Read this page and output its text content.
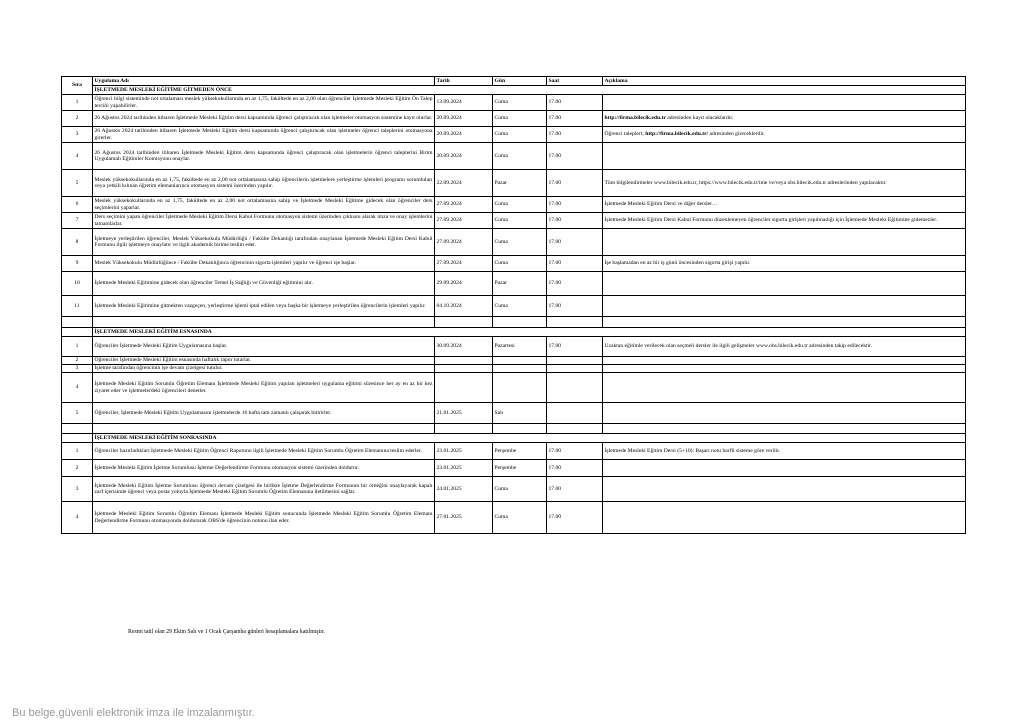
Sıra	Uygulama Adı	Tarih	Gün	Saat	Açıklama
	İŞLETMEDE MESLEKİ EĞİTİME GİTMEDEN ÖNCE				
1	Öğrenci bilgi sisteminde not ortalaması meslek yüksekokullarında en az 1,75, fakültede en az 2,00 olan öğrenciler İşletmede Mesleki Eğitim Ön Talep tercihi yapabilirler.	13.09.2024	Cuma	17.00	
2	26 Ağustos 2024 tarihinden itibaren İşletmede Mesleki Eğitim dersi kapsamında öğrenci çalıştıracak olan işletmeler otomasyon sistemine kayıt olurlar.	20.09.2024	Cuma	17.00	http://firma.bilecik.edu.tr adresinden kayıt olacaklardır.
3	26 Ağustos 2024 tarihinden itibaren İşletmede Mesleki Eğitim dersi kapsamında öğrenci çalıştıracak olan işletmeler öğrenci taleplerini otomasyona girerler.	20.09.2024	Cuma	17.00	Öğrenci talepleri; http://firma.bilecik.edu.tr/ adresinden gireceklerdir.
4	26 Ağustos 2024 tarihinden itibaren İşletmede Mesleki Eğitim dersi kapsamında öğrenci çalıştıracak olan işletmelerin öğrenci taleplerini Birim Uygulamalı Eğitimler Komisyonu onaylar.	20.09.2024	Cuma	17.00	
5	Meslek yüksekokullarında en az 1,75, fakültede en az 2,00 not ortalamasına sahip öğrencilerin işletmelere yerleştirme işlemleri programı sorumluları veya yetkili kılınan öğretim elemanlarınca otomasyon sistemi üzerinden yapılır.	22.09.2024	Pazar	17.00	Tüm bilgilendirmeler www.bilecik.edu.tr, https://www.bilecik.edu.tr/ime ve/veya obs.bilecik.edu.tr adreslerinden yapılacaktır.
6	Meslek yüksekokullarında en az 1,75, fakültede en az 2,00 not ortalamasına sahip ve İşletmede Mesleki Eğitime gidecek olan öğrenciler ders seçimlerini yaparlar.	27.09.2024	Cuma	17.00	İşletmede Mesleki Eğitim Dersi ve diğer dersler…
7	Ders seçimini yapan öğrenciler İşletmede Mesleki Eğitim Dersi Kabul Formunu otomasyon sistemi üzerinden çıktısını alarak imza ve onay işlemlerini tamamlarlar.	27.09.2024	Cuma	17.00	İşletmede Mesleki Eğitim Dersi Kabul Formunu düzenlemeyen öğrenciler sigorta girişleri yapılmadığı için İşletmede Mesleki Eğitimine gidemezler.
8	İşletmeye yerleştirilen öğrenciler, Meslek Yüksekokulu Müdürlüğü / Fakülte Dekanlığı tarafından onaylanan İşletmede Mesleki Eğitim Dersi Kabul Formunu ilgili işletmeye onaylatır ve ilgili akademik birime teslim eder.	27.09.2024	Cuma	17.00	
9	Meslek Yüksekokulu Müdürlüğünce / Fakülte Dekanlığınca öğrencinin sigorta işlemleri yapılır ve öğrenci işe başlar.	27.09.2024	Cuma	17.00	İşe başlamadan en az bir iş günü öncesinden sigorta girişi yapılır.
10	İşletmede Mesleki Eğitimine gidecek olan öğrenciler Temel İş Sağlığı ve Güvenliği eğitimini alır.	29.09.2024	Pazar	17.00	
11	İşletmede Mesleki Eğitimine gitmekten vazgeçen, yerleştirme işlemi iptal edilen veya başka bir işletmeye yerleştirilen öğrencilerin işlemleri yapılır.	04.10.2024	Cuma	17.00	

	İŞLETMEDE MESLEKİ EĞİTİM ESNASINDA				
1	Öğrenciler İşletmede Mesleki Eğitim Uygulamasına başlar.	30.09.2024	Pazartesi	17.00	Uzaktan eğitimle verilecek olan seçmeli dersler ile ilgili gelişmeler www.obs.bilecik.edu.tr adresinden takip edilecektir.
2	Öğrenciler İşletmede Mesleki Eğitim esnasında haftalık rapor tutarlar.				
3	İşletme tarafından öğrencinin işe devam çizelgesi tutulur.				
4	İşletmede Mesleki Eğitim Sorumlu Öğretim Elemanı İşletmede Mesleki Eğitim yapılan işletmeleri uygulama eğitimi süresince her ay en az bir kez ziyaret eder ve işletmelerdeki öğrencileri denetler.				
5	Öğrenciler, İşletmede Mesleki Eğitim Uygulamasını işletmelerde 16 hafta tam zamanlı çalışarak bitirirler.	21.01.2025	Salı		

	İŞLETMEDE MESLEKİ EĞİTİM SONRASINDA				
1	Öğrenciler hazırladıkları İşletmede Mesleki Eğitim Öğrenci Raporunu ilgili İşletmede Mesleki Eğitim Sorumlu Öğretim Elemanına teslim ederler.	23.01.2025	Perşembe	17.00	İşletmede Mesleki Eğitim Dersi (5+10): Başarı notu harfli sisteme göre verilir.
2	İşletmede Mesleki Eğitim İşletme Sorumlusu İşletme Değerlendirme Formunu otomasyon sistemi üzerinden doldurur.	23.01.2025	Perşembe	17.00	
3	İşletmede Mesleki Eğitim İşletme Sorumlusu öğrenci devam çizelgesi ile birlikte İşletme Değerlendirme Formunun bir örneğini onaylayarak kapalı zarf içerisinde öğrenci veya posta yoluyla İşletmede Mesleki Eğitim Sorumlu Öğretim Elemanına iletilmesini sağlar.	24.01.2025	Cuma	17.00	
4	İşletmede Mesleki Eğitim Sorumlu Öğretim Elemanı İşletmede Mesleki Eğitim sonucunda İşletmede Mesleki Eğitim Sorumlu Öğretim Elemanı Değerlendirme Formunu otomasyonda doldurarak OBS'de öğrencinin notunu ilan eder.	27.01.2025	Cuma	17.00	
Resmi tatil olan 29 Ekim Salı ve 1 Ocak Çarşamba günleri hesaplamalara katılmıştır.
Bu belge,güvenli elektronik imza ile imzalanmıştır.
